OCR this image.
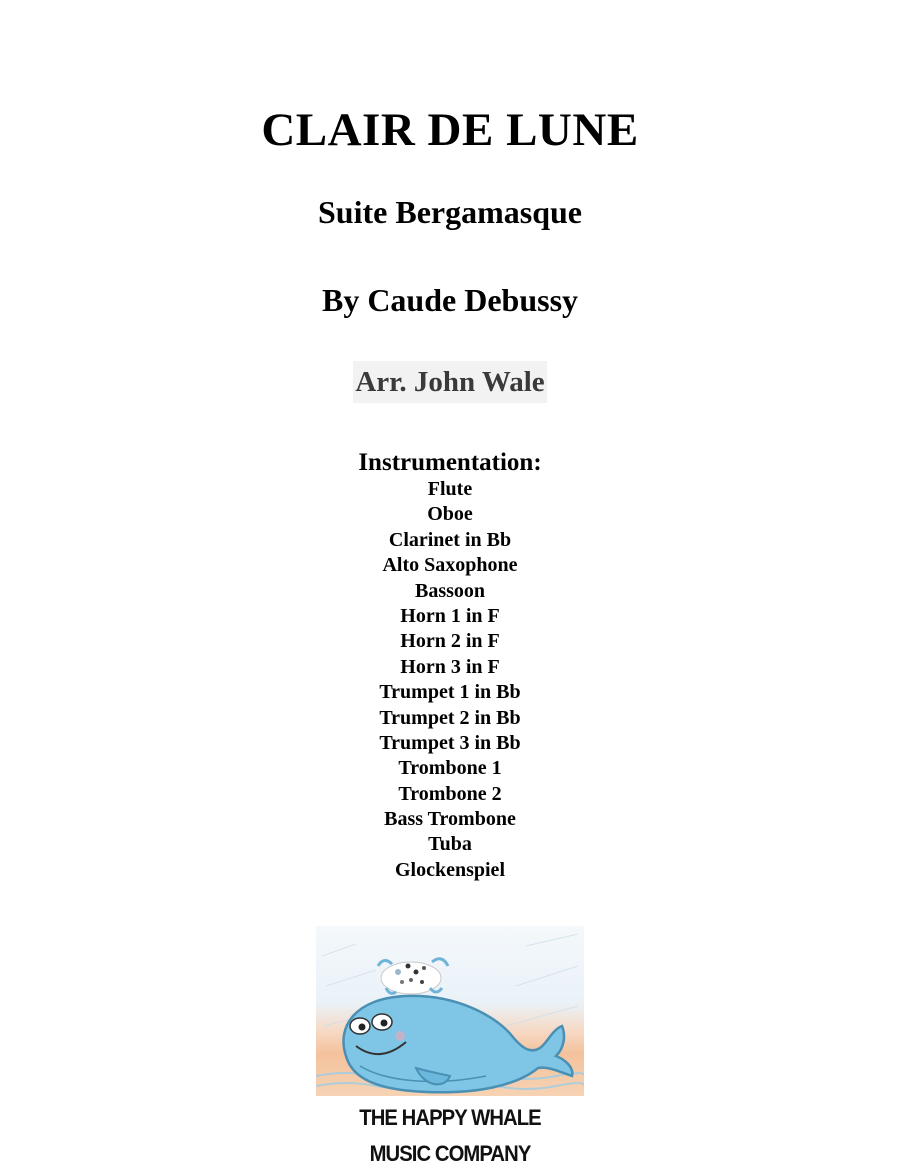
CLAIR DE LUNE
Suite Bergamasque
By Caude Debussy
Arr. John Wale
Instrumentation:
Flute
Oboe
Clarinet in Bb
Alto Saxophone
Bassoon
Horn 1 in F
Horn 2 in F
Horn 3 in F
Trumpet 1 in Bb
Trumpet 2 in Bb
Trumpet 3 in Bb
Trombone 1
Trombone 2
Bass Trombone
Tuba
Glockenspiel
THE HAPPY WHALE MUSIC COMPANY
